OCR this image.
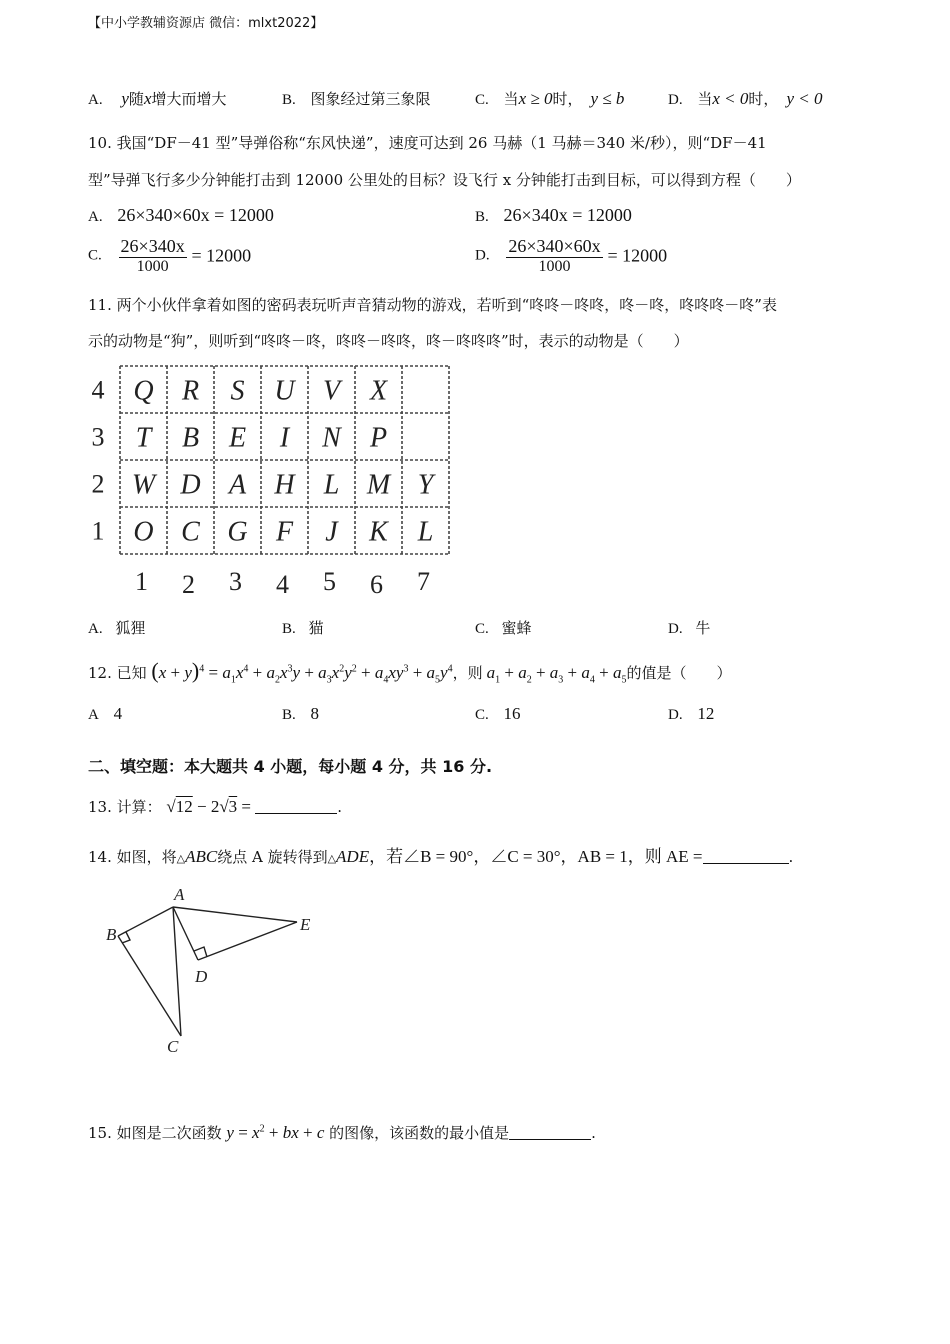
【中小学教辅资源店 微信：mlxt2022】
A. y随x增大而增大	B. 图象经过第三象限	C. 当x ≥ 0时， y ≤ b	D. 当x < 0时， y < 0
10. 我国“DF－41 型”导弹俗称“东风快递”，速度可达到 26 马赫（1 马赫＝340 米/秒），则“DF－41
型”导弹飞行多少分钟能打击到 12000 公里处的目标？设飞行 x 分钟能打击到目标，可以得到方程（　　）
A. 26×340×60x = 12000	B. 26×340x = 12000
C. $\frac{26\times 340x}{1000} = 12000$	D. $\frac{26\times 340\times 60x}{1000} = 12000$
11. 两个小伙伴拿着如图的密码表玩听声音猜动物的游戏，若听到“咚咚－咚咚，咚－咚，咚咚咚－咚”表
示的动物是“狗”，则听到“咚咚－咚，咚咚－咚咚，咚－咚咚咚”时，表示的动物是（　　）
4 Q R S U V X
3 T B E I N P
2 W D A H L M Y
1 O C G F J K L
1 2 3 4 5 6 7
A. 狐狸	B. 猫	C. 蜜蜂	D. 牛
12. 已知 $(x + y)^4 = a_1x^4 + a_2x^3y + a_3x^2y^2 + a_4xy^3 + a_5y^4$，则 $a_1 + a_2 + a_3 + a_4 + a_5$的值是（　　）
A 4	B. 8	C. 16	D. 12
二、填空题：本大题共 4 小题，每小题 4 分，共 16 分.
13. 计算： √12 − 2√3 =	.
14. 如图，将△ABC绕点 A 旋转得到△ADE，若∠B = 90°，∠C = 30°，AB = 1，则 AE =	.
A
B
C
D
E
15. 如图是二次函数 $y = x^2$ + bx + c 的图像，该函数的最小值是	.
